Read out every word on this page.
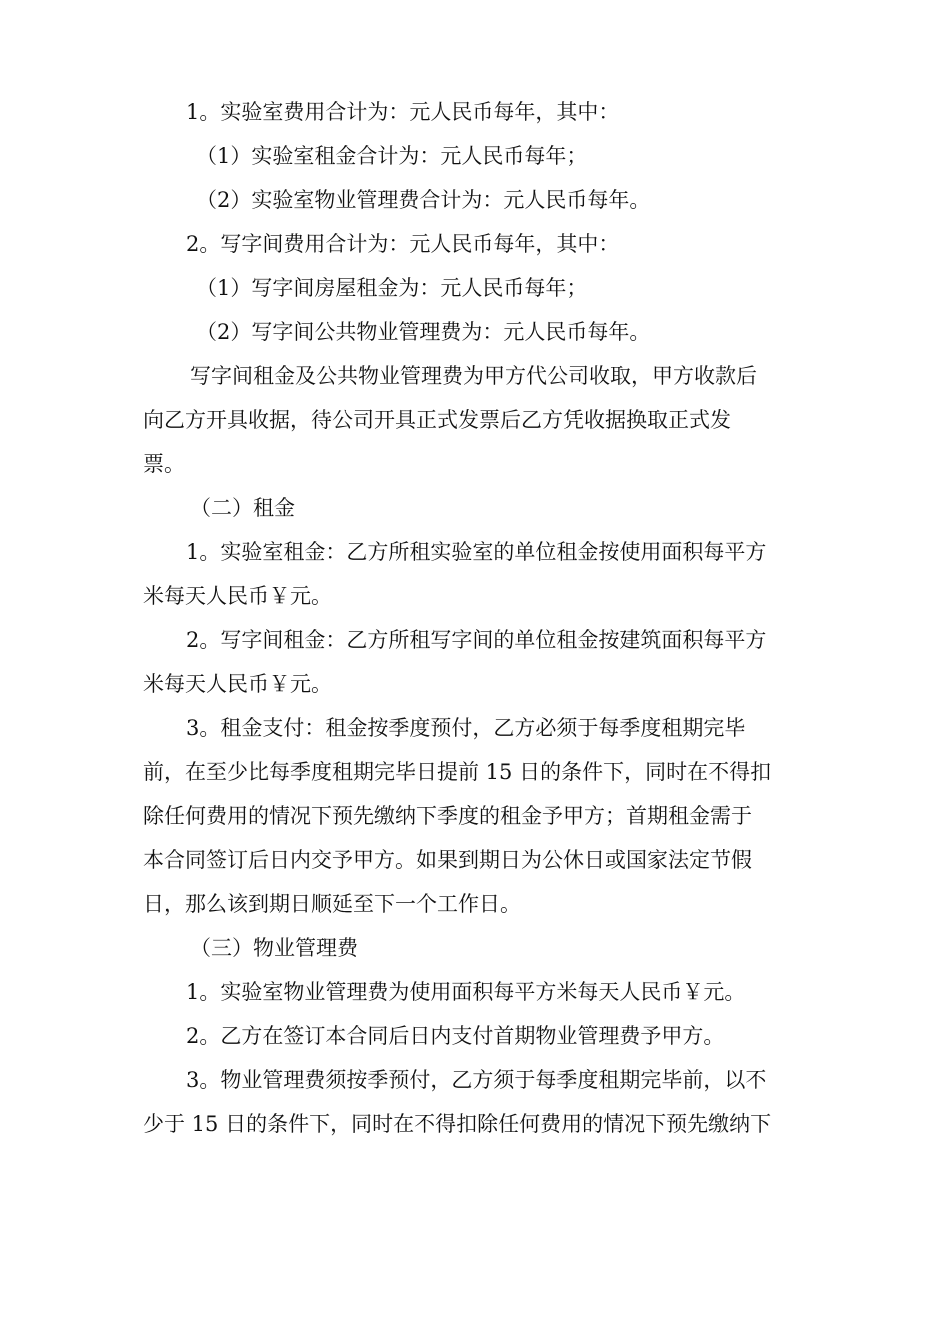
1。实验室费用合计为：元人民币每年，其中：
（1）实验室租金合计为：元人民币每年；
（2）实验室物业管理费合计为：元人民币每年。
2。写字间费用合计为：元人民币每年，其中：
（1）写字间房屋租金为：元人民币每年；
（2）写字间公共物业管理费为：元人民币每年。
写字间租金及公共物业管理费为甲方代公司收取，甲方收款后
向乙方开具收据，待公司开具正式发票后乙方凭收据换取正式发
票。
（二）租金
1。实验室租金：乙方所租实验室的单位租金按使用面积每平方
米每天人民币￥元。
2。写字间租金：乙方所租写字间的单位租金按建筑面积每平方
米每天人民币￥元。
3。租金支付：租金按季度预付，乙方必须于每季度租期完毕
前，在至少比每季度租期完毕日提前 15 日的条件下，同时在不得扣
除任何费用的情况下预先缴纳下季度的租金予甲方；首期租金需于
本合同签订后日内交予甲方。如果到期日为公休日或国家法定节假
日，那么该到期日顺延至下一个工作日。
（三）物业管理费
1。实验室物业管理费为使用面积每平方米每天人民币￥元。
2。乙方在签订本合同后日内支付首期物业管理费予甲方。
3。物业管理费须按季预付，乙方须于每季度租期完毕前，以不
少于 15 日的条件下，同时在不得扣除任何费用的情况下预先缴纳下
